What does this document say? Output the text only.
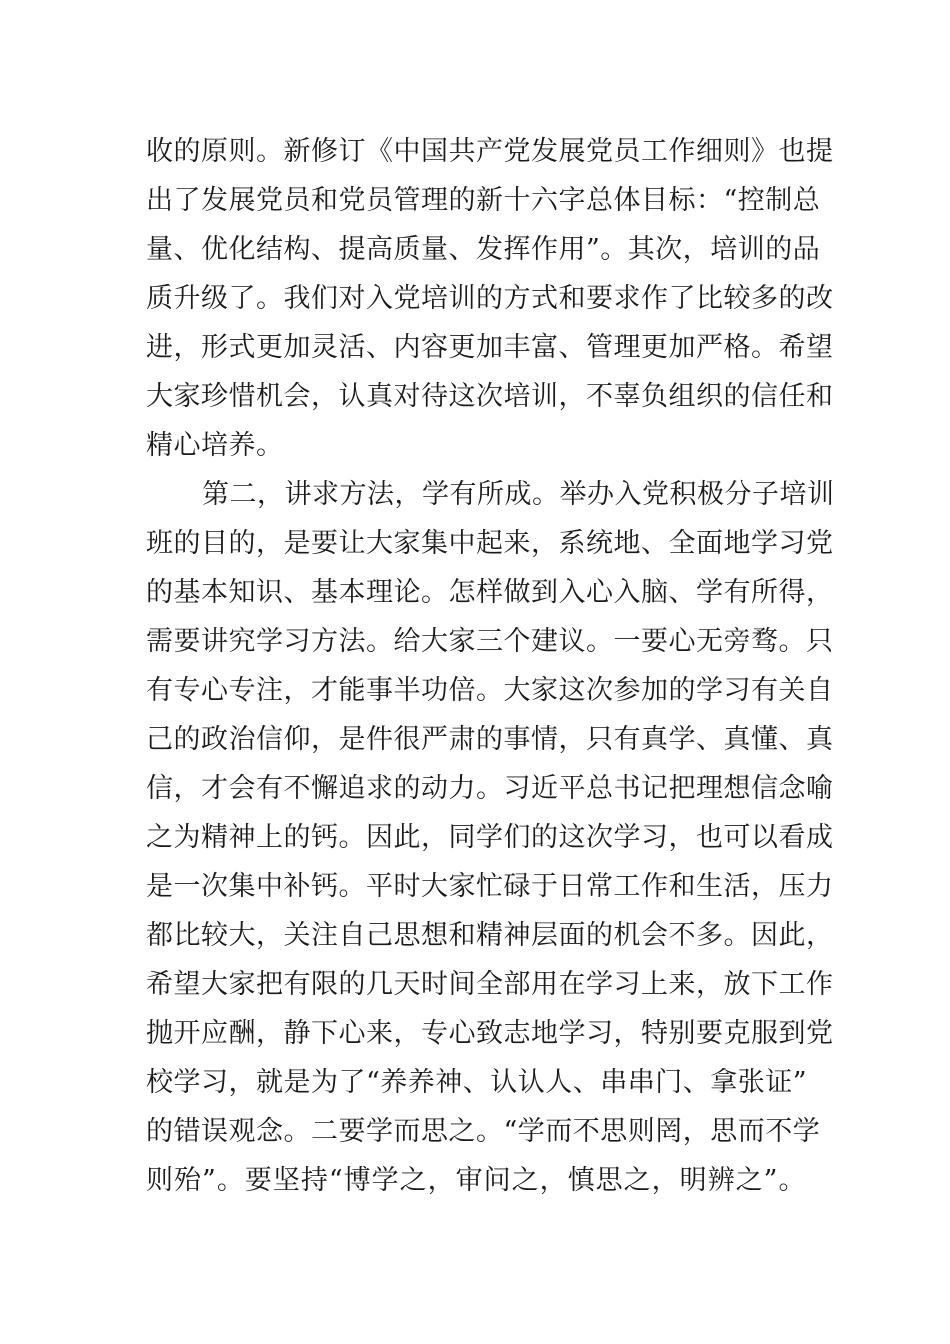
收的原则。新修订《中国共产党发展党员工作细则》也提
出了发展党员和党员管理的新十六字总体目标：“控制总
量、优化结构、提高质量、发挥作用”。其次，培训的品
质升级了。我们对入党培训的方式和要求作了比较多的改
进，形式更加灵活、内容更加丰富、管理更加严格。希望
大家珍惜机会，认真对待这次培训，不辜负组织的信任和
精心培养。
第二，讲求方法，学有所成。举办入党积极分子培训
班的目的，是要让大家集中起来，系统地、全面地学习党
的基本知识、基本理论。怎样做到入心入脑、学有所得，
需要讲究学习方法。给大家三个建议。一要心无旁骛。只
有专心专注，才能事半功倍。大家这次参加的学习有关自
己的政治信仰，是件很严肃的事情，只有真学、真懂、真
信，才会有不懈追求的动力。习近平总书记把理想信念喻
之为精神上的钙。因此，同学们的这次学习，也可以看成
是一次集中补钙。平时大家忙碌于日常工作和生活，压力
都比较大，关注自己思想和精神层面的机会不多。因此，
希望大家把有限的几天时间全部用在学习上来，放下工作
抛开应酬，静下心来，专心致志地学习，特别要克服到党
校学习，就是为了“养养神、认认人、串串门、拿张证”
的错误观念。二要学而思之。“学而不思则罔，思而不学
则殆”。要坚持“博学之，审问之，慎思之，明辨之”。
